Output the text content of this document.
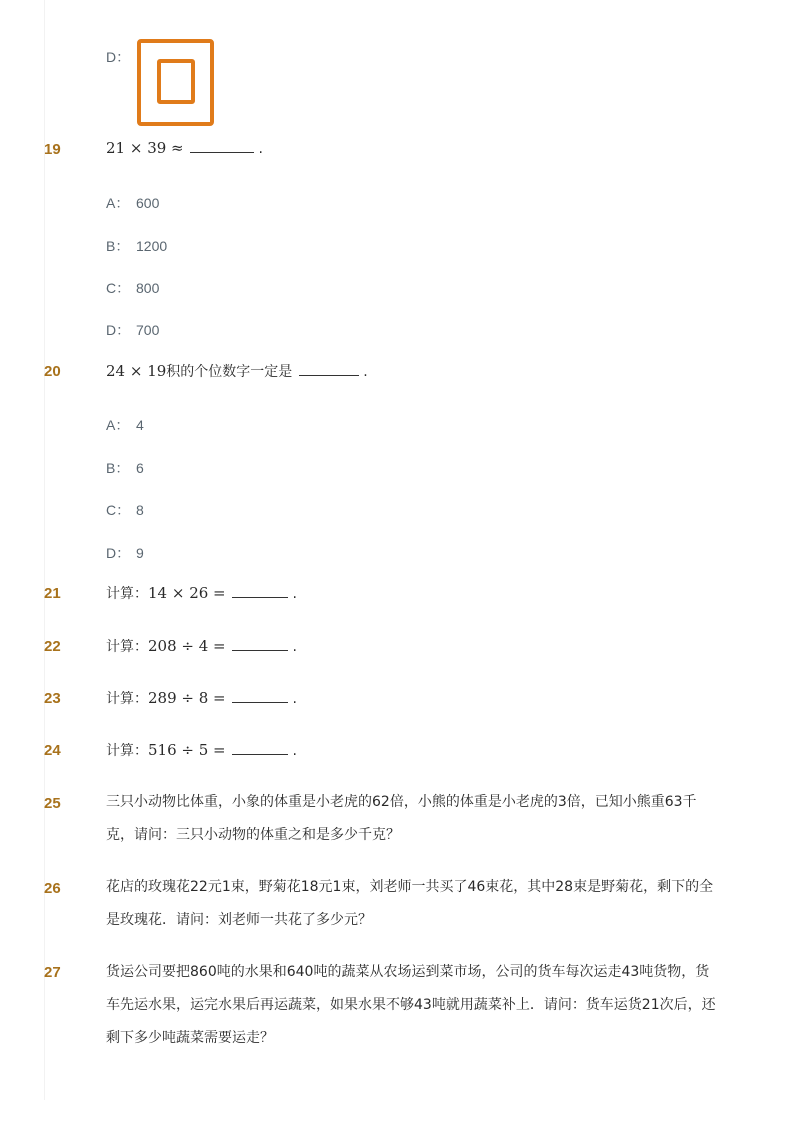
D：
19	21 × 39 ≈	.
A： 600
B： 1200
C： 800
D： 700
20	24 × 19积的个位数字一定是	.
A： 4
B： 6
C： 8
D： 9
21	计算：14 × 26 =	.
22	计算：208 ÷ 4 =	.
23	计算：289 ÷ 8 =	.
24	计算：516 ÷ 5 =	.
25	三只小动物比体重，小象的体重是小老虎的62倍，小熊的体重是小老虎的3倍，已知小熊重63千克，请问：三只小动物的体重之和是多少千克？
26	花店的玫瑰花22元1束，野菊花18元1束，刘老师一共买了46束花，其中28束是野菊花，剩下的全是玫瑰花．请问：刘老师一共花了多少元？
27	货运公司要把860吨的水果和640吨的蔬菜从农场运到菜市场，公司的货车每次运走43吨货物，货车先运水果，运完水果后再运蔬菜，如果水果不够43吨就用蔬菜补上．请问：货车运货21次后，还剩下多少吨蔬菜需要运走？
